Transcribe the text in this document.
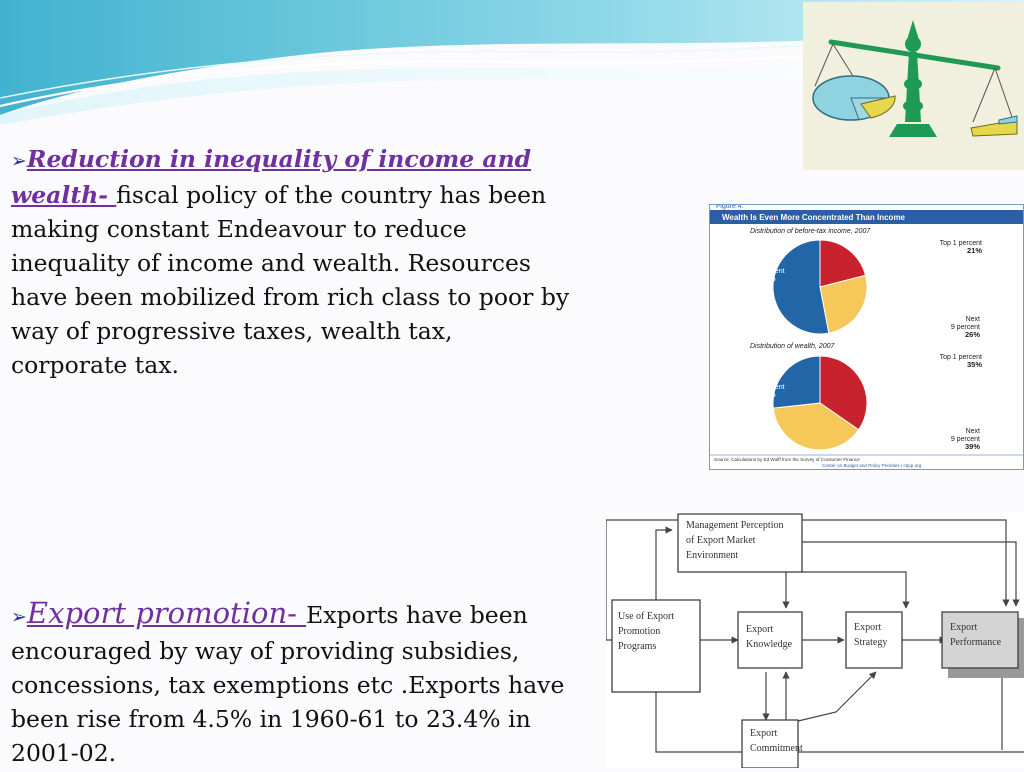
➢Reduction in inequality of income and wealth- fiscal policy of the country has been making constant Endeavour to reduce inequality of income and wealth. Resources have been mobilized from rich class to poor by way of progressive taxes, wealth tax, corporate tax.
➢Export promotion- Exports have been encouraged by way of providing subsidies, concessions, tax exemptions etc .Exports have been rise from 4.5% in 1960-61 to 23.4% in 2001-02.
Figure 4:
Wealth Is Even More Concentrated Than Income
Distribution of before-tax income, 2007
Top 1 percent
21%
Next
9 percent
26%
Bottom
90 percent
53%
Distribution of wealth, 2007
Top 1 percent
35%
Next
9 percent
39%
Bottom
90 percent
27%
Source: Calculations by Ed Wolff from the Survey of Consumer Finance
Center on Budget and Policy Priorities | cbpp.org
Management Perception
of Export Market
Environment
Use of Export
Promotion
Programs
Export
Knowledge
Export
Strategy
Export
Performance
Export
Commitment
